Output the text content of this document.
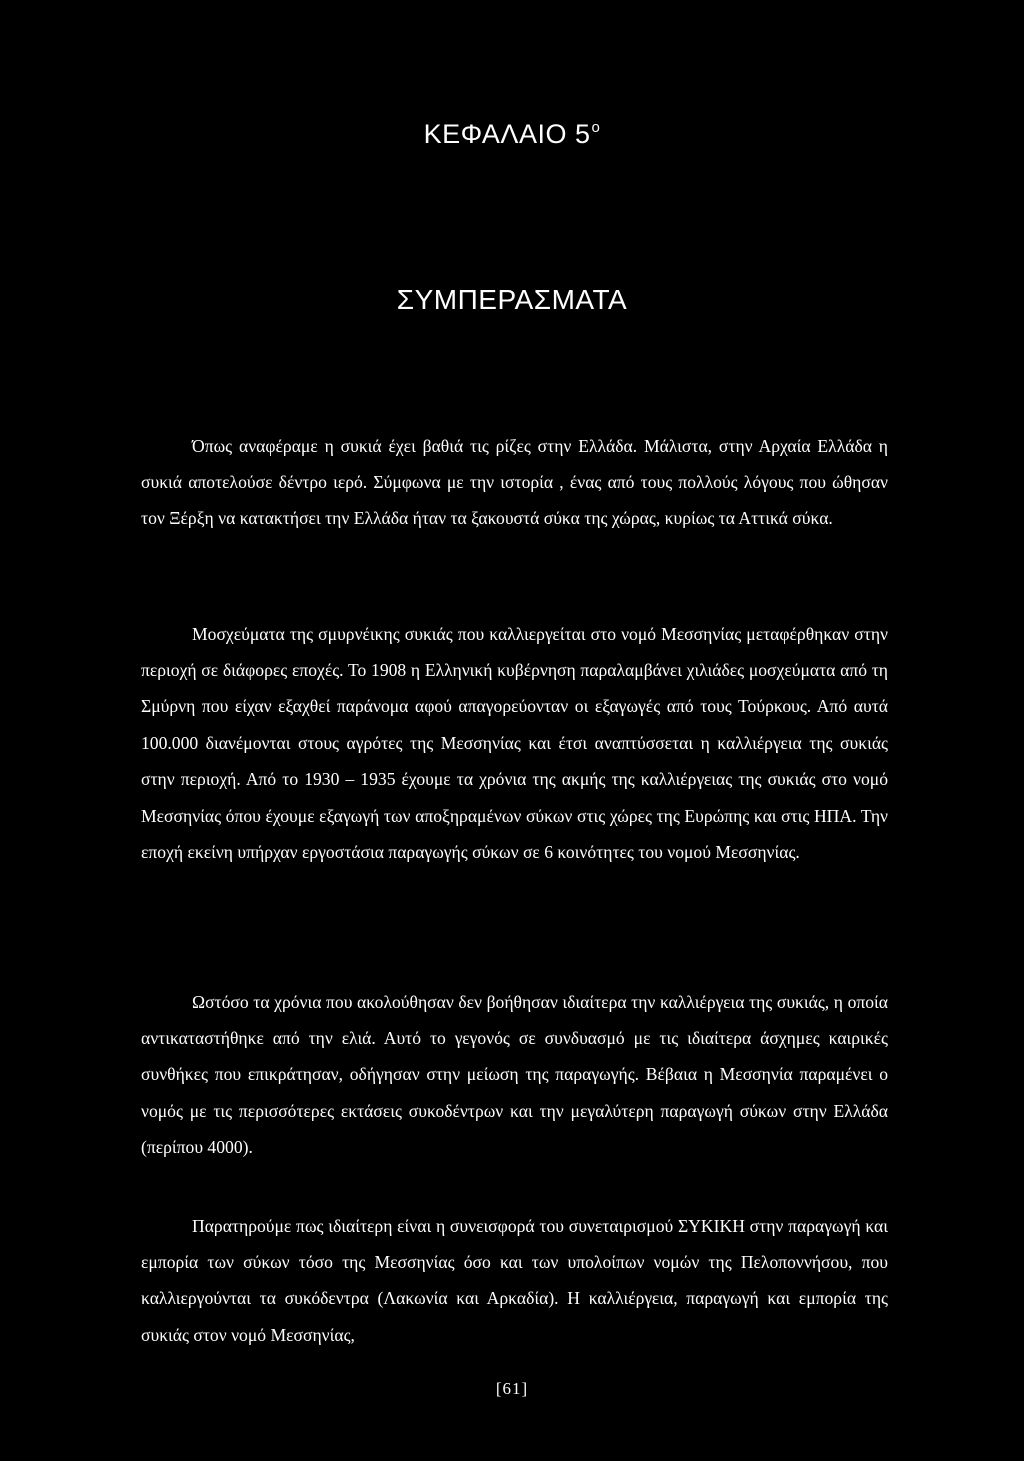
ΚΕΦΑΛΑΙΟ $5^o$
ΣΥΜΠΕΡΑΣΜΑΤΑ

Όπως αναφέραμε η συκιά έχει βαθιά τις ρίζες στην Ελλάδα. Μάλιστα, στην Αρχαία Ελλάδα η συκιά αποτελούσε δέντρο ιερό. Σύμφωνα με την ιστορία , ένας από τους πολλούς λόγους που ώθησαν τον Ξέρξη να κατακτήσει την Ελλάδα ήταν τα ξακουστά σύκα της χώρας, κυρίως τα Αττικά σύκα.

Μοσχεύματα της σμυρνέικης συκιάς που καλλιεργείται στο νομό Μεσσηνίας μεταφέρθηκαν στην περιοχή σε διάφορες εποχές. Το 1908 η Ελληνική κυβέρνηση παραλαμβάνει χιλιάδες μοσχεύματα από τη Σμύρνη που είχαν εξαχθεί παράνομα αφού απαγορεύονταν οι εξαγωγές από τους Τούρκους. Από αυτά 100.000 διανέμονται στους αγρότες της Μεσσηνίας και έτσι αναπτύσσεται η καλλιέργεια της συκιάς στην περιοχή. Από το 1930 – 1935 έχουμε τα χρόνια της ακμής της καλλιέργειας της συκιάς στο νομό Μεσσηνίας όπου έχουμε εξαγωγή των αποξηραμένων σύκων στις χώρες της Ευρώπης και στις ΗΠΑ. Την εποχή εκείνη υπήρχαν εργοστάσια παραγωγής σύκων σε 6 κοινότητες του νομού Μεσσηνίας.

Ωστόσο τα χρόνια που ακολούθησαν δεν βοήθησαν ιδιαίτερα την καλλιέργεια της συκιάς, η οποία αντικαταστήθηκε από την ελιά. Αυτό το γεγονός σε συνδυασμό με τις ιδιαίτερα άσχημες καιρικές συνθήκες που επικράτησαν, οδήγησαν στην μείωση της παραγωγής. Βέβαια η Μεσσηνία παραμένει ο νομός με τις περισσότερες εκτάσεις συκοδέντρων και την μεγαλύτερη παραγωγή σύκων στην Ελλάδα (περίπου 4000).

Παρατηρούμε πως ιδιαίτερη είναι η συνεισφορά του συνεταιρισμού ΣΥΚΙΚΗ στην παραγωγή και εμπορία των σύκων τόσο της Μεσσηνίας όσο και των υπολοίπων νομών της Πελοποννήσου, που καλλιεργούνται τα συκόδεντρα (Λακωνία και Αρκαδία). Η καλλιέργεια, παραγωγή και εμπορία της συκιάς στον νομό Μεσσηνίας,

[61]
